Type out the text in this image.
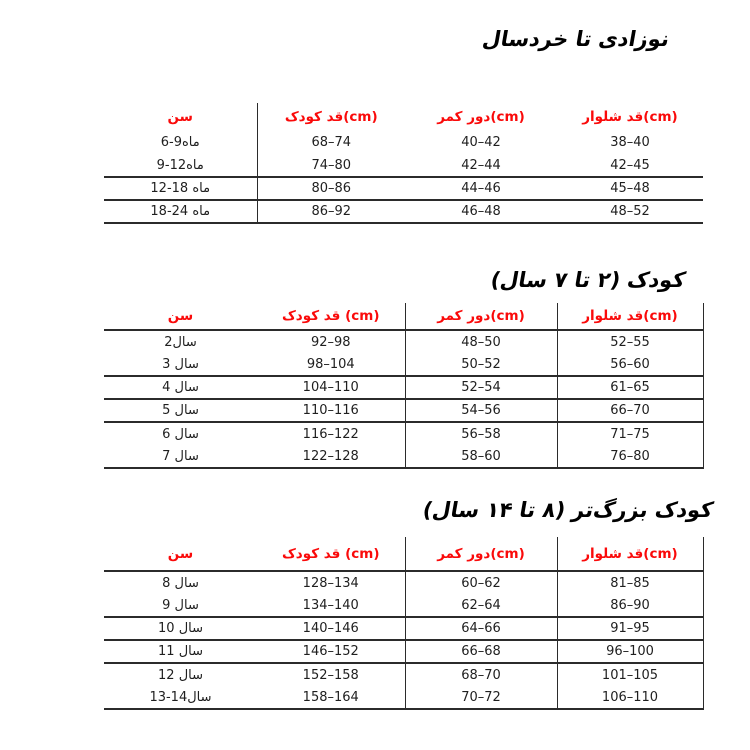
نوزادی تا خردسال
سن	قد کودک(cm)	دور کمر(cm)	قد شلوار(cm)
6-9ماه	68–74	40–42	38–40
9-12ماه	74–80	42–44	42–45
12-18 ماه	80–86	44–46	45–48
18-24 ماه	86–92	46–48	48–52
کودک (۲ تا ۷ سال)
سن	قد کودک (cm)	دور کمر(cm)	قد شلوار(cm)
2سال	92–98	48–50	52–55
3 سال	98–104	50–52	56–60
4 سال	104–110	52–54	61–65
5 سال	110–116	54–56	66–70
6 سال	116–122	56–58	71–75
7 سال	122–128	58–60	76–80
کودک بزرگ‌تر (۸ تا ۱۴ سال)
سن	قد کودک (cm)	دور کمر(cm)	قد شلوار(cm)
8 سال	128–134	60–62	81–85
9 سال	134–140	62–64	86–90
10 سال	140–146	64–66	91–95
11 سال	146–152	66–68	96–100
12 سال	152–158	68–70	101–105
13-14سال	158–164	70–72	106–110
